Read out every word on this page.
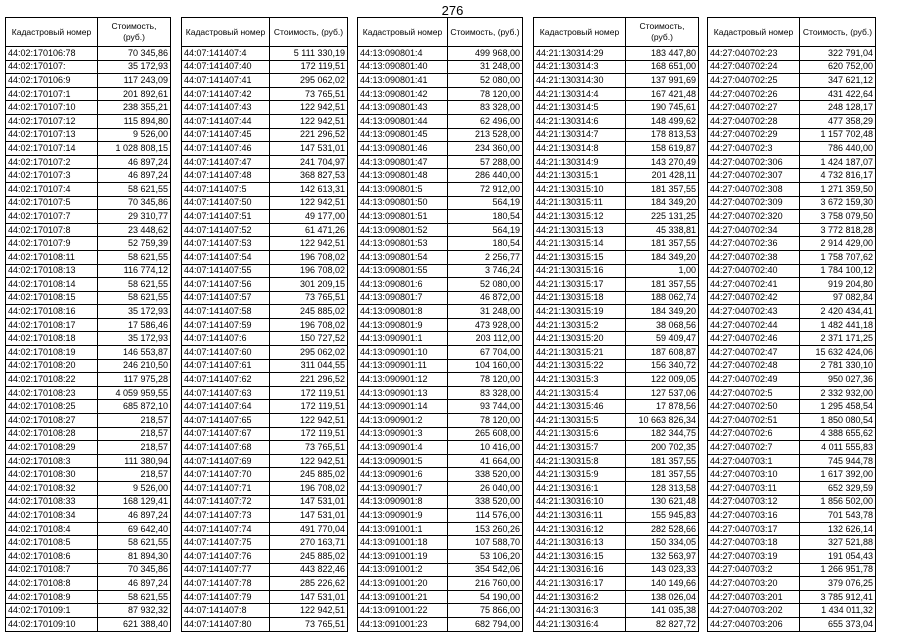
276
Кадастровый номер	Стоимость, (руб.)
44:02:170106:78	70 345,86
44:02:170107:	35 172,93
44:02:170106:9	117 243,09
44:02:170107:1	201 892,61
44:02:170107:10	238 355,21
44:02:170107:12	115 894,80
44:02:170107:13	9 526,00
44:02:170107:14	1 028 808,15
44:02:170107:2	46 897,24
44:02:170107:3	46 897,24
44:02:170107:4	58 621,55
44:02:170107:5	70 345,86
44:02:170107:7	29 310,77
44:02:170107:8	23 448,62
44:02:170107:9	52 759,39
44:02:170108:11	58 621,55
44:02:170108:13	116 774,12
44:02:170108:14	58 621,55
44:02:170108:15	58 621,55
44:02:170108:16	35 172,93
44:02:170108:17	17 586,46
44:02:170108:18	35 172,93
44:02:170108:19	146 553,87
44:02:170108:20	246 210,50
44:02:170108:22	117 975,28
44:02:170108:23	4 059 959,55
44:02:170108:25	685 872,10
44:02:170108:27	218,57
44:02:170108:28	218,57
44:02:170108:29	218,57
44:02:170108:3	111 380,94
44:02:170108:30	218,57
44:02:170108:32	9 526,00
44:02:170108:33	168 129,41
44:02:170108:34	46 897,24
44:02:170108:4	69 642,40
44:02:170108:5	58 621,55
44:02:170108:6	81 894,30
44:02:170108:7	70 345,86
44:02:170108:8	46 897,24
44:02:170108:9	58 621,55
44:02:170109:1	87 932,32
44:02:170109:10	621 388,40
Кадастровый номер	Стоимость, (руб.)
44:07:141407:4	5 111 330,19
44:07:141407:40	172 119,51
44:07:141407:41	295 062,02
44:07:141407:42	73 765,51
44:07:141407:43	122 942,51
44:07:141407:44	122 942,51
44:07:141407:45	221 296,52
44:07:141407:46	147 531,01
44:07:141407:47	241 704,97
44:07:141407:48	368 827,53
44:07:141407:5	142 613,31
44:07:141407:50	122 942,51
44:07:141407:51	49 177,00
44:07:141407:52	61 471,26
44:07:141407:53	122 942,51
44:07:141407:54	196 708,02
44:07:141407:55	196 708,02
44:07:141407:56	301 209,15
44:07:141407:57	73 765,51
44:07:141407:58	245 885,02
44:07:141407:59	196 708,02
44:07:141407:6	150 727,52
44:07:141407:60	295 062,02
44:07:141407:61	311 044,55
44:07:141407:62	221 296,52
44:07:141407:63	172 119,51
44:07:141407:64	172 119,51
44:07:141407:65	122 942,51
44:07:141407:67	172 119,51
44:07:141407:68	73 765,51
44:07:141407:69	122 942,51
44:07:141407:70	245 885,02
44:07:141407:71	196 708,02
44:07:141407:72	147 531,01
44:07:141407:73	147 531,01
44:07:141407:74	491 770,04
44:07:141407:75	270 163,71
44:07:141407:76	245 885,02
44:07:141407:77	443 822,46
44:07:141407:78	285 226,62
44:07:141407:79	147 531,01
44:07:141407:8	122 942,51
44:07:141407:80	73 765,51
Кадастровый номер	Стоимость, (руб.)
44:13:090801:4	499 968,00
44:13:090801:40	31 248,00
44:13:090801:41	52 080,00
44:13:090801:42	78 120,00
44:13:090801:43	83 328,00
44:13:090801:44	62 496,00
44:13:090801:45	213 528,00
44:13:090801:46	234 360,00
44:13:090801:47	57 288,00
44:13:090801:48	286 440,00
44:13:090801:5	72 912,00
44:13:090801:50	564,19
44:13:090801:51	180,54
44:13:090801:52	564,19
44:13:090801:53	180,54
44:13:090801:54	2 256,77
44:13:090801:55	3 746,24
44:13:090801:6	52 080,00
44:13:090801:7	46 872,00
44:13:090801:8	31 248,00
44:13:090801:9	473 928,00
44:13:090901:1	203 112,00
44:13:090901:10	67 704,00
44:13:090901:11	104 160,00
44:13:090901:12	78 120,00
44:13:090901:13	83 328,00
44:13:090901:14	93 744,00
44:13:090901:2	78 120,00
44:13:090901:3	265 608,00
44:13:090901:4	10 416,00
44:13:090901:5	41 664,00
44:13:090901:6	338 520,00
44:13:090901:7	26 040,00
44:13:090901:8	338 520,00
44:13:090901:9	114 576,00
44:13:091001:1	153 260,26
44:13:091001:18	107 588,70
44:13:091001:19	53 106,20
44:13:091001:2	354 542,06
44:13:091001:20	216 760,00
44:13:091001:21	54 190,00
44:13:091001:22	75 866,00
44:13:091001:23	682 794,00
Кадастровый номер	Стоимость, (руб.)
44:21:130314:29	183 447,80
44:21:130314:3	168 651,00
44:21:130314:30	137 991,69
44:21:130314:4	167 421,48
44:21:130314:5	190 745,61
44:21:130314:6	148 499,62
44:21:130314:7	178 813,53
44:21:130314:8	158 619,87
44:21:130314:9	143 270,49
44:21:130315:1	201 428,11
44:21:130315:10	181 357,55
44:21:130315:11	184 349,20
44:21:130315:12	225 131,25
44:21:130315:13	45 338,81
44:21:130315:14	181 357,55
44:21:130315:15	184 349,20
44:21:130315:16	1,00
44:21:130315:17	181 357,55
44:21:130315:18	188 062,74
44:21:130315:19	184 349,20
44:21:130315:2	38 068,56
44:21:130315:20	59 409,47
44:21:130315:21	187 608,87
44:21:130315:22	156 340,72
44:21:130315:3	122 009,05
44:21:130315:4	127 537,06
44:21:130315:46	17 878,56
44:21:130315:5	10 663 826,34
44:21:130315:6	182 344,75
44:21:130315:7	200 702,35
44:21:130315:8	181 357,55
44:21:130315:9	181 357,55
44:21:130316:1	128 313,58
44:21:130316:10	130 621,48
44:21:130316:11	155 945,83
44:21:130316:12	282 528,66
44:21:130316:13	150 334,05
44:21:130316:15	132 563,97
44:21:130316:16	143 023,33
44:21:130316:17	140 149,66
44:21:130316:2	138 026,04
44:21:130316:3	141 035,38
44:21:130316:4	82 827,72
Кадастровый номер	Стоимость, (руб.)
44:27:040702:23	322 791,04
44:27:040702:24	620 752,00
44:27:040702:25	347 621,12
44:27:040702:26	431 422,64
44:27:040702:27	248 128,17
44:27:040702:28	477 358,29
44:27:040702:29	1 157 702,48
44:27:040702:3	786 440,00
44:27:040702:306	1 424 187,07
44:27:040702:307	4 732 816,17
44:27:040702:308	1 271 359,50
44:27:040702:309	3 672 159,30
44:27:040702:320	3 758 079,50
44:27:040702:34	3 772 818,28
44:27:040702:36	2 914 429,00
44:27:040702:38	1 758 707,62
44:27:040702:40	1 784 100,12
44:27:040702:41	919 204,80
44:27:040702:42	97 082,84
44:27:040702:43	2 420 434,41
44:27:040702:44	1 482 441,18
44:27:040702:46	2 371 171,25
44:27:040702:47	15 632 424,06
44:27:040702:48	2 781 330,10
44:27:040702:49	950 027,36
44:27:040702:5	2 332 932,00
44:27:040702:50	1 295 458,54
44:27:040702:51	1 850 080,54
44:27:040702:6	4 388 655,62
44:27:040702:7	4 011 555,83
44:27:040703:1	745 944,78
44:27:040703:10	1 617 392,00
44:27:040703:11	652 329,59
44:27:040703:12	1 856 502,00
44:27:040703:16	701 543,78
44:27:040703:17	132 626,14
44:27:040703:18	327 521,88
44:27:040703:19	191 054,43
44:27:040703:2	1 266 951,78
44:27:040703:20	379 076,25
44:27:040703:201	3 785 912,41
44:27:040703:202	1 434 011,32
44:27:040703:206	655 373,04
